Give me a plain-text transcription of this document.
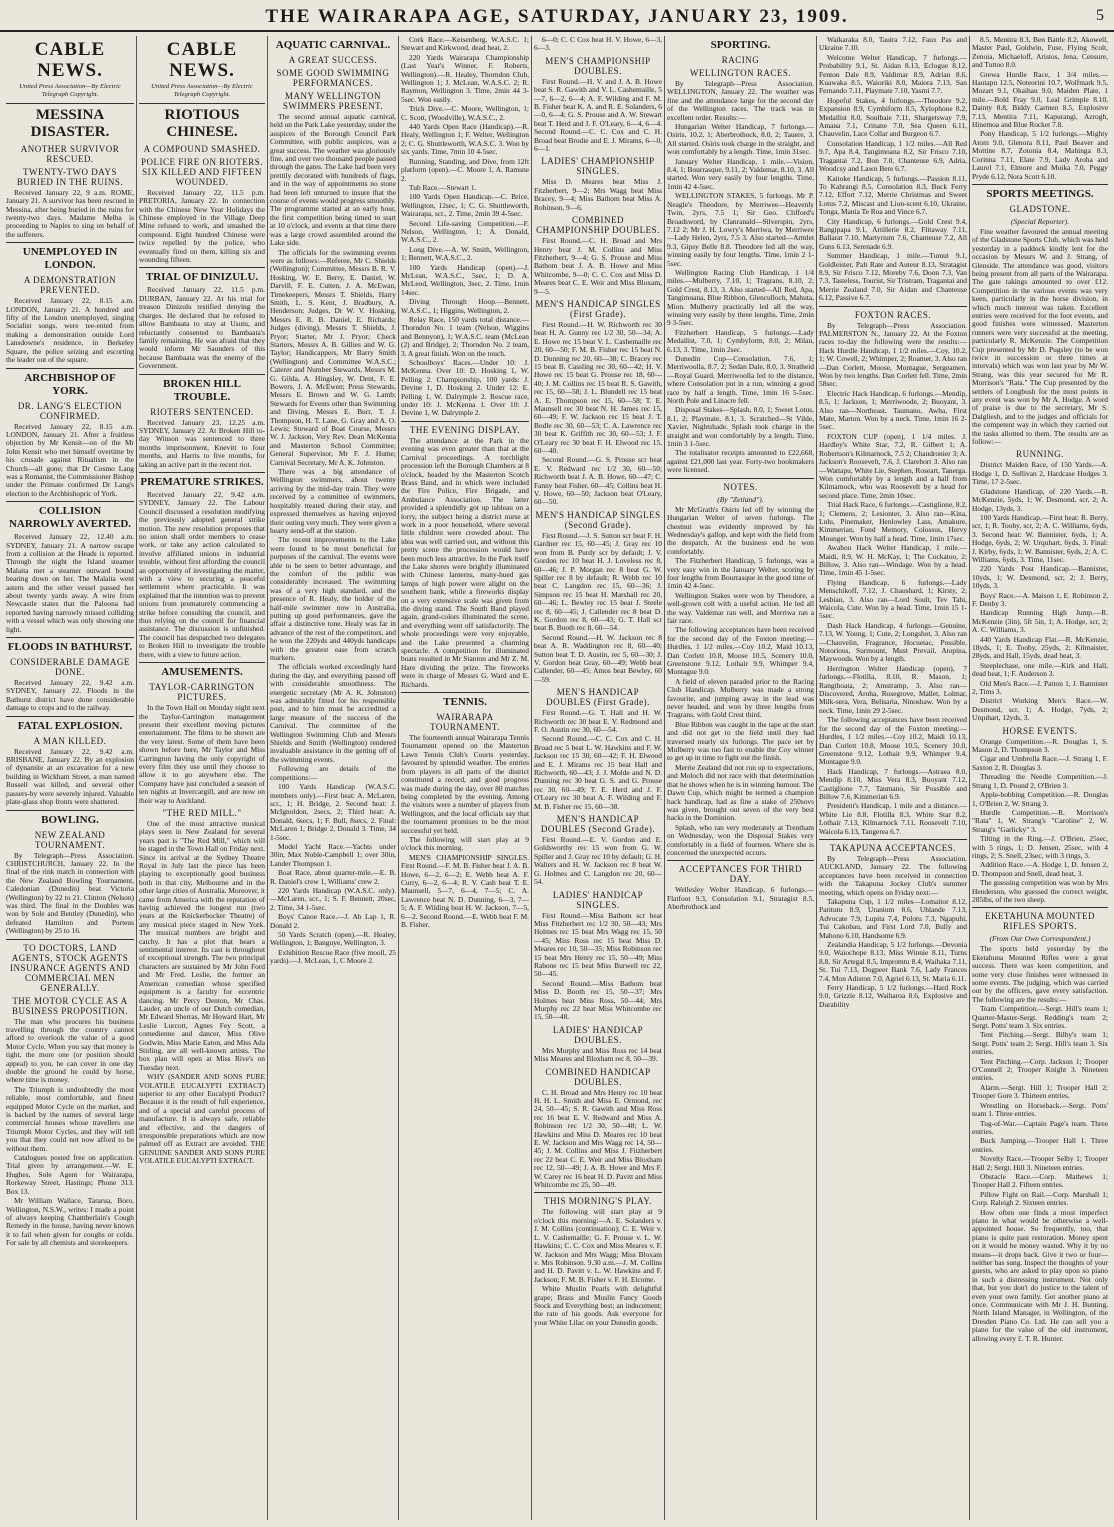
THE WAIRARAPA AGE, SATURDAY, JANUARY 23, 1909.	5
CABLE NEWS.
United Press Association—By Electric Telegraph Copyright.
MESSINA DISASTER.
ANOTHER SURVIVOR RESCUED.
TWENTY-TWO DAYS BURIED IN THE RUINS.

Received January 22, 9 a.m. ROME, January 21. A survivor has been rescued in Messina, after being buried in the ruins for twenty-two days. Madame Melba is proceeding to Naples to sing on behalf of the sufferers.

UNEMPLOYED IN LONDON.
A DEMONSTRATION PREVENTED.

Received January 22, 8.15 a.m. LONDON, January 21. A hundred and fifty of the London unemployed, singing Socialist songs, were tee-ented from making a demonstration outside Lord Lansdowne's residence, in Berkeley Square, the police seizing and escorting the leader out of the square.

ARCHBISHOP OF YORK.
DR. LANG'S ELECTION CONFIRMED.

Received January 22, 8.15 a.m. LONDON, January 21. After a fruitless objection by Mr Kensit—on of the Mr John Kensit who met himself overtime by his crusade against Ritualism in the Church—all gone; that Dr Cosmo Lang was a Romanist, the Commissioner Bishop under the Primate confirmed Dr Lang's election to the Archbishopric of York.

COLLISION NARROWLY AVERTED.

Received January 22, 12.40 a.m. SYDNEY, January 21. A narrow escape from a collision at the Heads is reported. Through the night the Island steamer Malaita met a steamer outward bound bearing down on her. The Malaita went astern and the other vessel passed her about twenty yards away. A wire from Newcastle states that the Paloona had reported having narrowly missed colliding with a vessel which was only showing one light.

FLOODS IN BATHURST.
CONSIDERABLE DAMAGE DONE.

Received January 22, 9.42 a.m. SYDNEY, January 22. Floods in the Bathurst district have done considerable damage to crops and to the railway.

FATAL EXPLOSION.
A MAN KILLED.

Received January 22, 9.42 a.m. BRISBANE, January 22. By an explosion of dynamite at an excavation for a new building in Wickham Street, a man named Russell was killed, and several other passers-by were severely injured. Valuable plate-glass shop fronts were shattered.

BOWLING.
NEW ZEALAND TOURNAMENT.

By Telegraph—Press Association. CHRISTCHURCH, January 22. In the final of the rink match in connection with the New Zealand Bowling Tournament, Caledonian (Dunedin) beat Victoria (Wellington) by 22 to 21. Clinton (Nelson) was third. The final in the Doubles was won by Sole and Bentley (Dunedin), who defeated Hamilton and Porteus (Wellington) by 25 to 16.

TO DOCTORS, LAND AGENTS, STOCK AGENTS INSURANCE AGENTS AND COMMERCIAL MEN GENERALLY.
THE MOTOR CYCLE AS A BUSINESS PROPOSITION.

The man who procures his business travelling through the country cannot afford to overlook the value of a good Motor Cycle. When you say that money is tight, the more one (or position should appeal) to you, he can cover in one day double the ground he could by horse, where time is money.

The Triumph is undoubtedly the most reliable, most comfortable, and finest equipped Motor Cycle on the market, and is backed by the names of several large commercial houses whose travellers use Triumph Motor Cycles, and they will tell you that they could not now afford to be without them.

Catalogues posted free on application. Trial given by arrangement.—W. E. Hughes, Sole Agent for Wairarapa, Rorkeway Street, Hastings; Phone 313. Box 13.

Mr William Wallace, Tararua, Boro, Wellington, N.S.W., writes: I made a point of always keeping Chamberlain's Cough Remedy in the house, having never known it to fail when given for coughs or colds. For sale by all chemists and storekeepers.

CABLE NEWS.
United Press Association—By Electric Telegraph Copyright.
RIOTIOUS CHINESE.
A COMPOUND SMASHED.
POLICE FIRE ON RIOTERS. SIX KILLED AND FIFTEEN WOUNDED.

Received January 22, 11.5 p.m. PRETORIA, January 22. In connection with the Chinese New Year Holidays the Chinese employed in the Village Deep Mine refused to work, and smashed the compound. Eight hundred Chinese were twice repelled by the police, who eventually fired on them, killing six and wounding fifteen.

TRIAL OF DINIZULU.

Received January 22, 11.5 p.m. DURBAN, January 22. At his trial for treason Dinizulu testified denying the charges. He declared that he refused to allow Bambaata to stay at Usutu, and reluctantly consented to Bambaata's family remaining. He was afraid that they would inform Mr Saunders of this because Bambaata was the enemy of the Government.

BROKEN HILL TROUBLE.
RIOTERS SENTENCED.

Received January 23, 12.25 a.m. SYDNEY, January 22. At Broken Hill to-day Winson was sentenced to three months imprisonment, Knevitt to four months, and Harris to five months, for taking an active part in the recent riot.

PREMATURE STRIKES.

Received January 22, 9.42 a.m. SYDNEY, January 22. The Labour Council discussed a resolution modifying the previously adopted general strike motion. The new resolution proposes that no union shall order members to cease work, or take any action calculated to involve affiliated unions in industrial trouble, without first affording the council an opportunity of investigating the matter, with a view to securing a peaceful settlement where practicable. It was explained that the intention was to prevent unions from prematurely commencing a strike before consulting the council, and thus relying on the council for financial assistance. The discussion is unfinished. The council has despatched two delegates to Broken Hill to investigate the trouble there, with a view to future action.

AMUSEMENTS.
TAYLOR-CARRINGTON PICTURES.

In the Town Hall on Monday night next the Taylor-Carrington management present their excellent moving pictures entertainment. The films to be shown are the very latest. Some of them have been shown before here, Mr Taylor and Miss Carrington having the only copyright of every film they use until they choose to allow it to go anywhere else. The Company have just concluded a season of ten nights at Invercargill, and are now on their way to Auckland.

"THE RED MILL."

One of the most attractive musical plays seen in New Zealand for several years past is "The Red Mill," which will be staged in the Town Hall on Friday next. Since its arrival at the Sydney Theatre Royal in July last the piece has been playing to exceptionally good business both in that city, Melbourne and in the other large cities of Australia. Moreover, it came from America with the reputation of having achieved the longest run (two years at the Knickerbocker Theatre) of any musical piece staged in New York. The musical numbers are bright and catchy. It has a plot that bears a sentimental interest. Its cast is throughout of exceptional strength. The two principal characters are sustained by Mr John Ford and Mr Fred. Leslie, the former an American comedian whose specified equipment is a faculty for eccentric dancing. Mr Percy Denton, Mr Chas. Lauder, an uncle of our Dutch comedian, Mr Edward Sherras, Mr Howard Hart, Mr Leslie Lurcott, Agnes Fey Scott, a comedienne and dancer, Miss Olive Godwin, Miss Marie Eaton, and Miss Ada Stirling, are all well-known artists. The box plan will open at Miss Rive's on Tuesday next.

WHY (SANDER AND SONS PURE VOLATILE EUCALYPTI EXTRACT) superior to any other Eucalypti Product? Because it is the result of full experience, and of a special and careful process of manufacture. It is always safe, reliable and effective, and the dangers of irresponsible preparations which are now palmed off as Extract are avoided. THE GENUINE SANDER AND SONS PURE VOLATILE EUCALYPTI EXTRACT.

AQUATIC CARNIVAL.
A GREAT SUCCESS.
SOME GOOD SWIMMING PERFORMANCES.
MANY WELLINGTON SWIMMERS PRESENT.

The second annual aquatic carnival, held on the Park Lake yesterday, under the auspices of the Borough Council Park Committee, with public auspices, was a great success. The weather was gloriously fine, and over two thousand people passed through the gates. The Lake had been very prettily decorated with hundreds of flags, and in the way of appointments no stone had been left unturned to insure that the course of events would progress smoothly. The programme started at an early hour, the first competition being timed to start at 10 o'clock, and events at that time there was a large crowd assembled around the Lake side.

The officials for the swimming events were as follows:—Referee, Mr C. Shields (Wellington); Committee, Messrs B. R. V. Hosking, W. E. Berry, E. Daniel, W. Darvill, F. E. Cutten, J. A. McEwan, Timekeepers, Messrs T. Shields, Harry Smith, L. S. Kent, J. Bradbury, A. Henderson; Judges, Dr W. V. Hosking, Messrs E. R. B. Daniel, E. Richards; Judges (diving), Messrs T. Shields, J. Pryor; Starter, Mr J. Pryor; Check Starters, Messrs A. B. Gillies and W. G. Taylor; Handicappers, Mr Barry Smith (Wellington) and Committee W.A.S.C.; Caterer and Number Stewards, Messrs M. G. Gilda, A. Hingsley, W. Dent, F. E. Bowers, J. A. McEwen; Press Stewards, Messrs E. Brown and W. G. Lamb; Stewards for Events other than Swimming and Diving, Messrs E. Burr, T. J. Thompson, H. T. Lane, G. Gray and A. O. Lewis; Steward of Boat Course, Messrs W. J. Jackson, Very Rev. Dean McKenna and Masterton School Committee; General Supervisor, Mr F. J. Hume; Carnival Secretary, Mr A. K. Johnston.

There was a big attendance of Wellington swimmers, about twenty arriving by the mid-day train. They were received by a committee of swimmers, hospitably treated during their stay, and expressed themselves as having enjoyed their outing very much. They were given a hearty send-off at the station.

The recent improvements to the Lake were found to be most beneficial for purposes of the carnival. The events were able to be seen to better advantage, and the comfort of the public was considerably increased. The swimming was of a very high standard, and the presence of R. Healy, the holder of the half-mile swimmer now in Australia, putting up good performances, gave the affair a distinctive tone. Healy was far in advance of the rest of the competitors, and he won the 220yds and 440yds handicaps with the greatest ease from scratch markers.

The officials worked exceedingly hard during the day, and everything passed off with considerable smoothness. The energetic secretary (Mr A. K. Johnston) was admirably fitted for his responsible post, and to him must be accredited a large measure of the success of the Carnival. The committee of the Wellington Swimming Club and Messrs Shields and Smith (Wellington) rendered invaluable assistance in the getting off of the swimming events.

Following are details of the competitions:—

100 Yards Handicap (W.A.S.C. members only).—First heat: A. McLaren, scr., 1; H. Bridge, 2. Second heat: J. McIgnoldon, 2secs, 2; Third heat: A. Donald, 6secs, 1; F. Bull, 8secs, 2. Final: McLaren 1, Bridge 2, Donald 3. Time, 34 1-5sec.

Model Yacht Race.—Yachts under 30in, Max Noble-Campbell 1; over 30in, Lander Thompson 1.

Boat Race, about quarter-mile.—E. B. R. Daniel's crew 1, Williams' crew 2.

220 Yards Handicap (W.A.S.C. only).—McLaren, scr., 1; S. F. Bennett, 20sec, 2. Time, 34 1-5sec.

Boys' Canoe Race.—J. Ab Lap 1, R. Donald 2.

50 Yards Scratch (open).—R. Healey, Wellington, 1; Banguye, Wellington, 3.

Exhibition Rescue Race (five mooll, 25 yards).—J. McLean, 1, C Moore 2.

Cork Race.—Keisenberg, W.A.S.C. 1; Stewart and Kirkwood, dead heat, 2.

220 Yards Wairarapa Championship (Last Year's Winner, F. Roberts, Wellington).—R. Healey, Thorndon Club, Wellington 1; J. McLean, W.A.S.C. 2; R. Raymon, Wellington 3. Time, 2min 44 3-5sec. Won easily.

Trick Dive.—C. Moore, Wellington, 1; C. Scott, (Woodville), W.A.S.C., 2.

440 Yards Open Race (Handicap).—R. Healy, Wellington 1; F. Welter, Wellington 2; C. G. Shuttleworth, W.A.S.C. 3. Won by six yards. Time, 7min 10 4-5sec.

Running, Standing, and Dive, from 12ft platform (open).—C. Moore 1, A. Ramsne 2.

Tub Race.—Stewart 1.

100 Yards Open Handicap.—C. Brice, Wellington, 12sec, 1; C. G. Shuttleworth, Wairarapa, scr., 2. Time, 2min 39 4-5sec.

Second Life-saving Competition.—F. Nelson, Wellington, 1; A. Donald, W.A.S.C., 2.

Long Dive.—A. W. Smith, Wellington, 1; Bennett, W.A.S.C., 2.

100 Yards Handicap (open).—J. McLean, W.A.S.C., 5sec, 1; D. A. McLeod, Wellington, 3sec, 2. Time, 1min 14sec.

Diving Through Hoop.—Bennett, W.A.S.C., 1; Higgins, Wellington, 2.

Relay Race, 150 yards total distance.—Thorndon No. 1 team (Nelson, Wiggins and Bennyon), 1; W.A.S.C. team (McLean (2) and Bridge), 2; Thorndon No. 2 team, 3. A great finish. Won on the touch.

Schoolboys' Races.—Under 10: J. McKenna. Over 10: D. Hosking 1, W. Pelling 2. Championship, 100 yards: J. Devine 1, D. Hosking 2. Under 12: E. Pelling 1, W. Dalrymple 2. Rescue race, under 10: J. McKenna 1. Over 10: J. Devine 1, W. Dalrymple 2.

THE EVENING DISPLAY.

The attendance at the Park in the evening was even greater than that at the Carnival proceedings. A torchlight procession left the Borough Chambers at 8 o'clock, headed by the Masterton Scotch Brass Band, and in which were included the Fire Police, Fire Brigade, and Ambulance Association. The latter provided a splendidly got up tableau on a lorry, the subject being a district nurse at work in a poor household, where several little children were crowded about. The idea was well carried out, and without this pretty scene the procession would have been much less attractive. In the Park itself the Lake shores were brightly illuminated with Chinese lanterns, many-hued gas lamps of high power were alight on the southern bank, while a fireworks display on a very extensive scale was given from the diving stand. The South Band played again, grand-colors illuminated the scene, and everything went off satisfactorily. The whole proceedings were very enjoyable, and the Lake presented a charming spectacle. A competition for illuminated boats resulted in Mr Stanton and Mr Z. M. Hare dividing the prize. The fireworks were in charge of Messrs G. Ward and E. Richards.

TENNIS.
WAIRARAPA TOURNAMENT.

The fourteenth annual Wairarapa Tennis Tournament opened on the Masterton Lawn Tennis Club's Courts yesterday, favoured by splendid weather. The entries from players in all parts of the district constituted a record, and good progress was made during the day, over 80 matches being completed by the evening. Among the visitors were a number of players from Wellington, and the local officials say that the tournament promises to be the most successful yet held.

The following will start play at 9 o'clock this morning.

MEN'S CHAMPIONSHIP SINGLES. First Round.—F. M. B. Fisher beat J. A. B. Howe, 6—2, 6—2; E. Webb beat A. F. Curry, 6—2, 6—4; R. V. Cash beat T. E. Maunsell, 5—7, 6—4, 7—5; C. A. Lawrence beat N. D. Dunning, 6—3, 7—5; A. F. Wilding beat H. W. Jackson, 7—5, 6—2. Second Round.—E. Webb beat F. M. B. Fisher.

6—0; C. C Cox beat H. V. Howe, 6—3, 6—3.

MEN'S CHAMPIONSHIP DOUBLES.

First Round.—H. V. and J. A. B. Howe beat S. R. Gawith and V. L. Cashemaille, 5—7, 6—2, 6—4; A. F. Wilding and F. M. B. Fisher beat K. A. and R. E. Solanders, 6—0, 6—4; G. S. Prouse and A. W. Stewart beat T. Herd and J. F. O'Leary, 6—4, 6—4. Second Round.—C. C. Cox and C. H. Broad beat Brodie and E. J. Mirams, 6—0, 6—1.

LADIES' CHAMPIONSHIP SINGLES.

Miss D. Meares beat Miss J. Fitzherbert, 9—2; Mrs Wagg beat Miss Bracey, 9—4; Miss Bathom beat Miss A. Robinson, 9—6.

COMBINED CHAMPIONSHIP DOUBLES.

First Round.—C. H. Broad and Mrs Henry beat J. M. Collins and Miss Fitzherbert, 9—4; G. S. Prouse and Miss Bathom beat J. A. B. Howe and Miss Whitcombe, 9—0; C. C. Cox and Miss D. Meares beat C. E. Weir and Miss Bloxam, 9—5.

MEN'S HANDICAP SINGLES (First Grade).

First Round.—H. W. Richworth rec 30 beat H. A. Gunny rec 1/2 30, 50—34; A. E. Howe rec 15 beat V. L. Cashemaille rec 20, 60—50; F. M. B. Fisher rec 15 beat N. D. Dunning rec 20, 60—38; C. Bracey rec 15 beat B. Cassling rec 30, 60—42; H. V. Howe rec 15 beat G. Prouse rec 18, 60—40; J. M. Collins rec 15 beat R. S. Gawith, rec 15, 60—58; J. L. Blundell rec 15 beat A. E. Thompson rec 15, 60—58; T. E. Maunsell rec 30 beat N. H. James rec 15, 60—49; F. W. Jackson rec 15 beat J. T. Bodle rec 30, 60—53; C. A. Lawrence rec 30 beat K. Griffith rec 30, 60—53; J. F. O'Leary rec 30 beat F. H. Elwood rec 15, 60—40.

Second Round.—G. S. Prouse scr beat E. V. Redward rec 1/2 30, 60—50; Richworth beat J. A. B. Howe, 60—47; C. Fanny beat Fisher, 60—45; Collins beat H. V. Howe, 60—50; Jackson beat O'Leary, 60—50.

MEN'S HANDICAP SINGLES (Second Grade).

First Round.—J. S. Sutton scr beat F. H. Gardner rec 15, 60—45; J. Gray rec 10 won from B. Purdy scr by default; J. V. Gordon rec 10 beat H. J. Loveless rec 8, 60—46; J. P. Morgan rec 8 beat G. W. Spiller rec 8 by default; R. Webb rec 10 beat C. Langdon rec 15, 60—36; J. Simpson rec 15 beat H. Marshall rec 20, 60—46; L. Bewley rec 15 beat J. Steele rec 8, 60—45; J. Callender rec 8 beat D. K. Gordon rec 8, 60—43; G. T. Hall scr beat B. Booth rec 8, 60—54.

Second Round.—H. W. Jackson rec 8 beat A. R. Waddington rec 8, 60—40; Sutton beat T. D. Austin, rec 5, 60—30; J. V. Gordon beat Gray, 60—49; Webb beat Callender, 60—45; Amos beat Bewley, 60—59.

MEN'S HANDICAP DOUBLES (First Grade).

First Round.—G. T. Hall and H. W. Richworth rec 30 beat E. V. Redmond and F. O. Austin rec 30, 60—54.

Second Round.—C. C. Cox and C. H. Broad rec 5 beat L. W. Hawkins and F. W. Jackson rec 15 30, 60—42; F. H. Elwood and E. J. Mirams rec 15 beat Hall and Richworth, 60—43; J. J. Molde and N. D. Dunning rec 30 beat G. S. and G. Prouse rec 30, 60—49; T. E. Herd and J. F. O'Leary rec 30 beat A. F. Wilding and F. M. B. Fisher rec 15, 60—38.

MEN'S HANDICAP DOUBLES (Second Grade).

First Round.—E. V. Gordon and E. Goldsworthy rec 15 won from G. W. Spiller and J. Gray rec 10 by default; G. H. Walters and H. W. Jackson rec 8 beat W. G. Holmes and C. Langdon rec 20, 60—54.

LADIES' HANDICAP SINGLES.

First Round.—Miss Bathom scr beat Miss Fitzherbert rec 1/2 30, 50—43; Mrs Holmes rec 15 beat Mrs Wagg rec 15, 50—45; Miss Ross rec 15 beat Miss D. Meares rec 10, 50—35; Miss Robinson rec 15 beat Mrs Henry rec 15, 50—49; Miss Rabone rec 15 beat Miss Burwell rec 22, 50—45.

Second Round.—Miss Bathom beat Miss D. Booth rec 15, 50—37; Mrs Holmes beat Miss Ross, 50—44; Mrs Murphy rec 22 beat Miss Whitcombe rec 15, 50—48.

LADIES' HANDICAP DOUBLES.

Mrs Murphy and Miss Ross rec 14 beat Miss Meares and Bloxham rec 8, 50—39.

COMBINED HANDICAP DOUBLES.

C. H. Broad and Mrs Henry rec 10 beat H. H. L. Smith and Miss E. Ormond, rec 24, 50—45; S. R. Gawith and Miss Ross rec 16 beat E. V. Redward and Miss A. Robinson rec 1/2 30, 50—48; L. W. Hawkins and Miss D. Meares rec 10 beat E. W. Jackson and Mrs Wagg rec 14, 50—45; J. M. Collins and Miss J. Fitzherbert rec 22 beat C. E. Weir and Miss Bloxham rec 12, 50—49; J. A. B. Howe and Mrs F. W. Carey rec 16 beat H. D. Pavitt and Miss Whitcombe rec 25, 50—49.

THIS MORNING'S PLAY.

The following will start play at 9 o'clock this morning:—A. E. Solanders v. J. M. Collins (continuation); C. E. Weir v. L. V. Cashemaille; G. F. Prouse v. L. W. Hawkins; C. C. Cox and Miss Meares v. F. W. Jackson and Mrs Wagg; Miss Bloxam v. Mrs Robinson. 9.30 a.m.—J. M. Collins and H. D. Pavitt v. L. W. Hawkins and F. Jackson; F. M. B. Fisher v. F. H. Elcome.

White Muslin Pearls with delightful grape; Brass and Muslin Fancy Goods Stock and Everything best; an inducement; the rate of his goods. Ask everyone for your White Lilac on your Dunedin goods.

SPORTING.
RACING
WELLINGTON RACES.

By Telegraph—Press Association. WELLINGTON, January 22. The weather was fine and the attendance large for the second day of the Wellington races. The track was in excellent order. Results:—

Hungarian Welter Handicap, 7 furlongs.—Osiris, 10.2, 1; Aberbrothock, 8.0, 2; Tauere, 3. All started. Osiris took charge in the straight, and won comfortably by a length. Time, 1min 31sec.

January Welter Handicap, 1 mile.—Vision, 8.4, 1; Bourrasque, 9.11, 2; Valdemar, 8.10, 3. All started. Won very easily by four lengths. Time, 1min 42 4-5sec.

WELLINGTON STAKES, 5 furlongs. Mr P. Neagle's Theodore, by Merriwee—Heavenly Twin, 2yrs, 7.5 1; Sir Geo. Clifford's Broadsword, by Clanranald—Silverspin, 2yrs, 7.12 2; Mr J. H. Lowry's Merriwa, by Merriwee—Lady Helen, 2yrs, 7.5 3. Also started—Armlet 9.3, Gipsy Belle 8.8. Theodore led all the way, winning easily by four lengths. Time, 1min 2 1-5sec.

Wellington Racing Club Handicap, 1 1/4 miles.—Mulberry, 7.10, 1; Tragrans, 8.10, 2; Gold Crest, 8.13, 3. Also started—All Red, Apa, Tangimoana, Blue Ribbon, Glenculloch, Mahuta, Mion. Mulberry practically led all the way, winning very easily by three lengths. Time, 2min 9 3-5sec.

Fitzherbert Handicap, 5 furlongs.—Lady Medallist, 7.0, 1; Cymbyform, 8.0, 2; Milan, 6.13, 3. Time, 1min 2sec.

Dunedin Cup—Consolation, 7.6, 1; Merriwoolla, 8.7, 2; Sedan Dale, 8.0, 3. Stratheid—Royal Guard. Merriwoolla led to the distance, where Consolation put in a run, winning a good race by half a length. Time, 1min 16 5-5sec. North Pole and Linacre fell.

Disposal Stakes—Splash, 8.0, 1; Sweet Lotus, 8.1, 2; Playmate, 8.1, 3. Scratched—St Vilde, Xavier, Nightshade. Splash took charge in the straight and won comfortably by a length. Time, 1min 3 1-5sec.

The totalisator receipts amounted to £22,668, against £21,000 last year. Forty-two bookmakers were licensed.

NOTES.
(By "Zetland").

Mr McGrath's Osiris led off by winning the Hungarian Welter of seven furlongs. The chestnut was evidently improved by his Wednesday's gallop, and kept with the field from the despatch. At the business end he won comfortably.

The Fitzherbert Handicap, 5 furlongs, was a very easy win in the January Welter, scoring by four lengths from Bourrasque in the good time of 1min 42 4-5sec.

Wellington Stakes were won by Theodore, a well-grown colt with a useful action. He led all the way. Valdemar ran well, and Merriwa ran a fair race.

The following acceptances have been received for the second day of the Foxton meeting:—Hurdles, 1 1/2 miles.—Coy 10.2, Maid 10.13, Dan Corlett 10.8, Moose 10.5, Scenery 10.0, Greenstone 9.12, Lothair 9.9, Whimper 9.4, Montague 9.0.

A field of eleven paraded prior to the Racing Club Handicap. Mulberry was made a strong favourite, and jumping away in the lead was never headed, and won by three lengths from Tragrans, with Gold Crest third.

Blue Ribbon was caught in the tape at the start and did not get to the field until they had traversed nearly six furlongs. The pace set by Mulberry was too fast to enable the Coy winner to get up in time to fight out the finish.

Merrie Zealand did not run up to expectations, and Moloch did not race with that determination that he shows when he is in winning humour. The Dawn Cup, which might be termed a champion back handicap, had as fine a stake of 250sovs was given, brought out seven of the very best backs in the Dominion.

Splash, who ran very moderately at Trentham on Wednesday, won the Disposal Stakes very comfortably in a field of fourteen. Where she is concerned the unexpected occurs.

ACCEPTANCES FOR THIRD DAY.

Wellesley Welter Handicap, 6 furlongs.—Flatfoot 9.3, Consolation 9.1, Stratagist 8.5, Aberbrothock and

Waikaraka 8.0, Tauira 7.12, Faux Pas and Ukraine 7.10.

Welcome Welter Handicap, 7 furlongs.—Probability 9.1, St. Aidan 8.13, Eclogue 8.12, Fenton Dale 8.9, Valdimar 8.9, Adrian 8.6, Kuawaka 8.5, Waioriki 8.0, Maiora 7.13, San Fernando 7.11, Playmate 7.10, Yasmi 7.7.

Hopeful Stakes, 4 furlongs.—Theodore 9.2, Expansion 8.9, Cymbiform 8.5, Xylophone 8.2, Medallist 8.0, Soulbaie 7.11, Shargetsway 7.9, Amana 7.1, Crinane 7.0, Sea Queen 6.11, Chauvelin, Lace Collar and Burgeon 6.7.

Consolation Handicap, 1 1/2 miles.—All Red 9.7, Apa 8.4, Tangimoana 8.2, Sir Frisco 7.10, Tragantai 7.2, Bon 7.0, Chanteuse 6.9, Adria, Woodcsy and Lawn Bere 6.7.

Kaitoke Handicap, 5 furlongs.—Passion 8.11, To Kahrangi 8.5, Consolation 8.3, Buck Ferry 7.12, Effort 7.12, Merrie Christmas and Sweet Lotus 7.2, Miscast and Lion-scent 6.10, Ukraine, Tonga, Mania Te Roa and Vince 6.7.

City Handicap, 6 furlongs.—Gold Crest 9.4, Rangipapa 9.1, Artillerie 8.2, Flitaway 7.11, Ballarat 7.10, Martyrium 7.6, Chanteuse 7.2, All Guns 6.13, Serenade 6.9.

Summer Handicap, 1 mile.—Tumut 9.1, Goldleister, Palt Rate and Auteur 8.13, Stratagist 8.9, Sir Frisco 7.12, Moreby 7.6, Doon 7.3, Van 7.3, Tasteless, Tourist, Sir Tristram, Tragantai and Merrie Zealand 7.0, Sir Aidan and Chanteuse 6.12, Passive 6.7.

FOXTON RACES.

By Telegraph—Press Association. PALMERSTON N., January 22. At the Foxton races to-day the following were the results:—Hack Hurdle Handicap, 1 1/2 miles.—Coy, 10.2, 1; W. Cowell, 2; Whimper, 2; Roamer, 3. Also ran—Dan Corlett, Moose, Montague, Sergeamen. Won by two lengths. Dan Corlett fell. Time, 2min 58sec.

Electric Hack Handicap, 6 furlongs.—Mendip, 8.5, 1; Jackson, 1; Merriwoode, 2; Buoyant, 3. Also ran—Northeast, Taumano, Awha, First Mate, Marton. Won by a neck. Time, 1min 16 2-5sec.

FOXTON CUP (open), 1 1/4 miles. J. Hardley's White Star, 7.2, R. Gilbert 1; A. Robertson's Kilmarnock, 7.5 2; Chaudronier 3; A. Jackson's Roosevelt, 7.6, J. Clarehort 3. Also ran—Wattapu, White Lie, Stephen, Roseart, Tanerga. Won comfortably by a length and a half from Kilmarnock, who was Roosevelt by a head for second place. Time, 2min 10sec.

Trial Hack Race, 6 furlongs.—Castiglione, 8.2, 1; Clemens, 2; Lesionter, 3. Also ran—Kina, Lulu, Pinemaker, Henlowley Lass, Amakure, Kimmerian, Fond Memory, Colossus, Hervy Mounger. Won by half a head. Time, 1min 17sec.

Awahou Hack Welter Handicap, 1 mile.—Maidi, 8.9, W. H. McKay, 1; The Cockatoo, 2; Billow, 3. Also ran—Windage. Won by a head. Time, 1min 45 1-5sec.

Flying Handicap, 6 furlongs.—Lady Menschikoff, 7.12, J. Chaushard, 1; Kirsty, 2; Lesbian, 3. Also ran—Lord Soult, Tev Tahi, Waicola, Cute. Won by a head. Time, 1min 15 1-5sec.

Dash Hack Handicap, 4 furlongs.—Genuine, 7.13, W. Young, 1; Cute, 2; Longshot, 3. Also ran—Chauvelin, Fragrance, Hocuetac, Possible, Notorious, Surmount, Must Prevail, Atopina, Maywoods. Won by a length.

Herrington Welter Handicap (open), 7 furlongs.—Flotilla, 8.10, R. Mason, 1; Rangihoata, 2; Amstramp, 3. Also ran—Discovered, Aroha, Rosegrove, Mallet, Lolmar, Milk-sera, Vera, Belisaria, Ninoshaw. Won by a neck. Time, 1min 29 2-5sec.

The following acceptances have been received for the second day of the Foxton meeting:—Hurdles, 1 1/2 miles.—Coy 10.2, Maidi 10.13, Dan Corlett 10.8, Moose 10.5, Scenery 10.0, Greenstone 9.12, Lothair 9.9, Whimper 9.4, Montague 9.0.

Hack Handicap, 7 furlongs.—Astraea 8.0, Mendip 8.10, Miss Vera 8.3, Buoyant 7.12, Castiglione 7.7, Taumano, Sir Possible and Billow 7.6, Kimmerian 6.9.

President's Handicap, 1 mile and a distance.—White Lie 8.8, Flotilla 8.3, White Star 8.2, Lothair 7.13, Kilmarnock 7.11, Roosevelt 7.10, Waicola 6.13, Tangerea 6.7.

TAKAPUNA ACCEPTANCES.

By Telegraph—Press Association. AUCKLAND, January 22. The following acceptances have been received in connection with the Takapuna Jockey Club's summer meeting, which opens on Friday next:—

Takapuna Cup, 1 1/2 miles—Lomaitor 8.12, Paritutu 8.9, Uranium 8.6, Uhlande 7.13, Advocate 7.9, Lupita 7.4, Polotu 7.3, Ngapuhi, Tui Cakobau, and First Lord 7.0, Bully and Mahono 6.10, Handsome 6.9.

Zealandia Handicap, 5 1/2 furlongs.—Devonia 9.0, Waiochope 8.13, Miss Winnie 8.11, Turns 8.8, Sir Artegal 8.5, Impromtu 8.4, Waihaka 7.11, St. Tui 7.13, Dogpeer Bank 7.6, Lady Frances 7.4, Mon Adiston 7.0, Agriel 6.13, St. Maria 6.11.

Ferry Handicap, 5 1/2 furlongs.—Hard Rock 9.0, Grizzle 8.12, Waiharoa 8.6, Explosive and Durability

8.5, Mentira 8.3, Ben Battle 8.2, Akowell, Master Paul, Goldwin, Fuse, Flying Scolt, Zenoia, Michaeloff, Aristos, Jena, Censure, and Tuttoo 8.0.

Grewa Hurdle Race, 1 3/4 miles.—Hautapu 12.5, Noteorini 10.7, Wolfmark 9.5, Mozart 9.1, Okaihau 9.0, Maiden Plate, 1 mile.—Bold Fray 9.0, Leal Grimple 8.10, Dainty 8.8, Biddy Carmen 8.5, Explosive 7.13, Mentira 7.11, Kapurangi, Azrogh, Hinemoa and Blue Rocket 7.8.

Pony Handicap, 5 1/2 furlongs.—Mighty Atom 9.0, Glenora 8.11, Paul Beaver and Mottine 8.7, Zotonia 8.4, Mahinga 8.3, Corinna 7.11, Elate 7.9, Lady Aroha and Laurel 7.1, Elmore and Muika 7.0, Peggy Pryde 6.12, Nora Scott 6.10.

SPORTS MEETINGS.
GLADSTONE.
(Special Reporter).

Fine weather favoured the annual meeting of the Gladstone Sports Club, which was held yesterday in a paddock kindly lent for the occasion by Messrs W. and J. Strang, of Glenside. The attendance was good, visitors being present from all parts of the Wairarapa. The gate takings amounted to over £12. Competition in the various events was very keen, particularly in the horse division, in which much interest was taken. Excellent entries were received for the foot events, and good finishes were witnessed. Masterton runners were very successful at the meeting, particularly R. McKenzie. The Competition Cup presented by Mr D. Pugsley (to be won twice in succession or three times at intervals) which was won last year by Mr W. Strang, was this year secured for Mr R. Morrison's "Rata." The Cup presented by the settlers of Longbush for the most points in any event was won by Mr A. Hodge. A word of praise is due to the secretary, Mr S. Dalgliesh, and to the judges and officials for the competent way in which they carried out the tasks allotted to them. The results are as follow:—

RUNNING.

District Maiden Race, of 150 Yards.—A. Hodge 1, D. Sullivan 2, Hardcase Hodges 3. Time, 17 2-5sec.

Gladstone Handicap, of 220 Yards.—R. McKenzie, 5yds, 1; W. Desmond, scr, 2; A. Hodge, 13yds, 3.

100 Yards Handicap.—First heat: R. Berry, scr, 1; R. Tooby, scr, 2; A. C. Williams, 6yds, 3. Second heat: W. Bannister, 6yds, 1; A. Hodge, 6yds, 2; W. Urquhart, 6yds, 3. Final: J. Kirby, 6yds, 1; W. Bannister, 6yds, 2; A. C. Williams, 6yds, 3. Time, 11sec.

220 Yards Post Handicap.—Bannister, 10yds, 1; W. Desmond, scr, 2; J. Berry, 10yds, 3.

Boys' Race.—A. Maison 1, E. Robinson 2, F. Denby 3.

Handicap Running High Jump.—R. McKenzie (3in), 5ft 5in, 1; A. Hodge, scr, 2; A. C. Williams, 3.

440 Yards Handicap Flat.—R. McKenzie, 18yds, 1; E. Tooby, 25yds, 2; Kilmaister, 28yds, and Hall, 15yds, dead heat, 3.

Steeplechase, one mile.—Kirk and Hall, dead heat, 1; F. Anderson 3.

Old Men's Race.—J. Patton 1, J. Bannister 2, Tims 3.

District Working Men's Race.—W. Desmond, scr, 1; A. Hodge, 7yds, 2; Urquhart, 12yds, 3.

HORSE EVENTS.

Orange Competition.—R. Douglas 1, S. Mason 2, D. Thompson 3.

Cigar and Umbrella Race.—J. Strang 1, F. Saxton 2, R. Douglas 3.

Threading the Needle Competition.—J. Strang 1, D. Pound 2, O'Brien 3.

Apple-bobbing Competition.—R. Douglas 1, O'Brien 2, W. Strang 3.

Hurdle Competition.—R. Morrison's "Rata" 1, W. Strang's "Caroline" 2, W. Strang's "Garlicky" 3.

Tilting in the Ring.—J. O'Brien, 25sec, with 5 rings, 1; D. Jensen, 25sec, with 4 rings, 2; S. Snell, 23sec, with 3 rings, 3.

Addition Race.—A. Hodge 1, D. Jensen 2, D. Thompson and Snell, dead heat, 3.

The guessing competition was won by Mrs Henderson, who guessed the correct weight, 285lbs, of the two sheep.

EKETAHUNA MOUNTED RIFLES SPORTS.
(From Our Own Correspondent.)

The sports held yesterday by the Eketahuna Mounted Rifles were a great success. There was keen competition, and some very close finishes were witnessed in some events. The judging, which was carried out by the officers, gave every satisfaction. The following are the results:—

Team Competition.—Sergt. Hill's team 1; Quarter-Master-Sergt. Redding's team 2; Sergt. Potts' team 3. Six entries.

Tent Pitching.—Sergt. Bilby's team 1; Sergt. Potts' team 2; Sergt. Hill's team 3. Six entries.

Tent Pitching.—Corp. Jackson 1; Trooper O'Connell 2; Trooper Knight 3. Nineteen entries.

Alarm.—Sergt. Hill 1; Trooper Hall 2; Trooper Gore 3. Thirteen entries.

Wrestling on Horseback.—Sergt. Potts' team 1. Three entries.

Tug-of-War.—Captain Page's team. Three entries.

Buck Jumping.—Trooper Hall 1. Three entries.

Novelty Race.—Trooper Selby 1; Trooper Hall 2; Sergt. Hill 3. Nineteen entries.

Obstacle Race.—Corp. Mathews 1; Trooper Hall 2. Fifteen entries.

Pillow Fight on Rail.—Corp. Marshall 1; Corp. Raleigh 2. Sixteen entries.

How often one finds a most imperfect piano in what would be otherwise a well-appointed house. So frequently, too, that piano is quite past restoration. Money spent on it would be money wasted. Why it by no means—it drops back. Give it two or four—neither has sung. Inspect the thoughts of your guests, who are asked to play upon so piano in such a distressing instrument. Not only that, but you don't do justice to the talent of even your own family. Get another piano at once. Communicate with Mr J. H. Bunting, North Island Manager, in Wellington, of the Dresden Piano Co. Ltd. He can sell you a piano for the value of the old instrument, allowing every £. T. R. Hunter.
